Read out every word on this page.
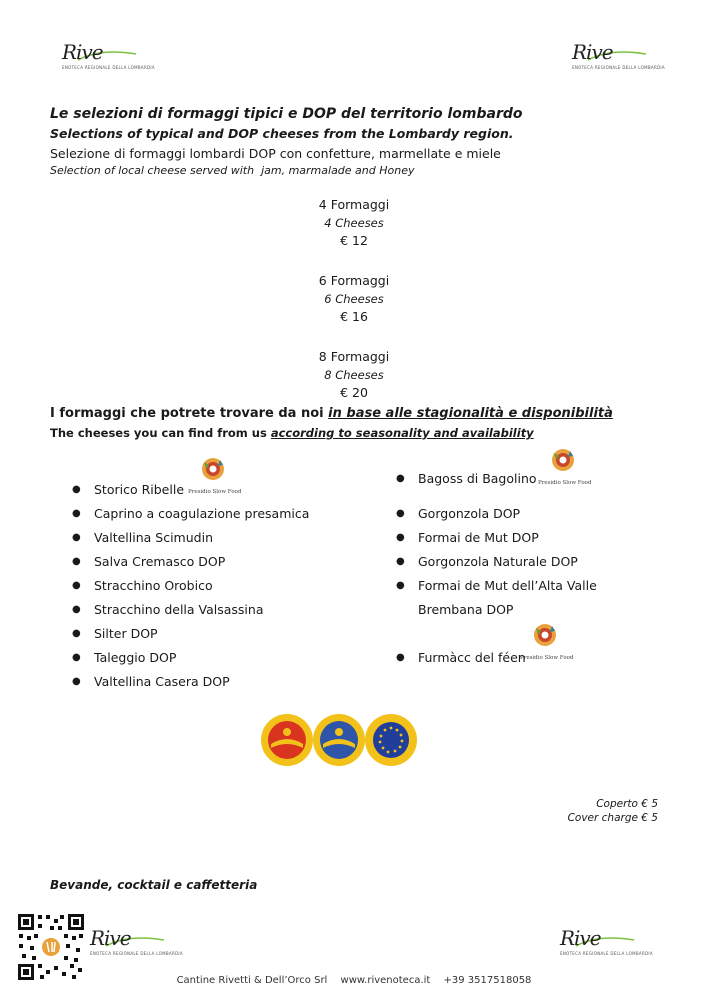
Rive
ENOTECA REGIONALE DELLA LOMBARDIA
Rive
ENOTECA REGIONALE DELLA LOMBARDIA
Le selezioni di formaggi tipici e DOP del territorio lombardo
Selections of typical and DOP cheeses from the Lombardy region.
Selezione di formaggi lombardi DOP con confetture, marmellate e miele
Selection of local cheese served with  jam, marmalade and Honey
4 Formaggi
4 Cheeses
€ 12
6 Formaggi
6 Cheeses
€ 16
8 Formaggi
8 Cheeses
€ 20
I formaggi che potrete trovare da noi in base alle stagionalità e disponibilità
The cheeses you can find from us according to seasonality and availability
● Storico Ribelle Presidio Slow Food
● Caprino a coagulazione presamica
● Valtellina Scimudin
● Salva Cremasco DOP
● Stracchino Orobico
● Stracchino della Valsassina
● Silter DOP
● Taleggio DOP
● Valtellina Casera DOP
● Bagoss di Bagolino Presidio Slow Food
● Gorgonzola DOP
● Formai de Mut DOP
● Gorgonzola Naturale DOP
● Formai de Mut dell’Alta Valle
Brembana DOP
● Furmàcc del féen
Presidio Slow Food
Coperto € 5
Cover charge € 5
Bevande, cocktail e caffetteria
Rive
ENOTECA REGIONALE DELLA LOMBARDIA
Rive
ENOTECA REGIONALE DELLA LOMBARDIA
Cantine Rivetti & Dell’Orco Srl www.rivenoteca.it +39 3517518058
